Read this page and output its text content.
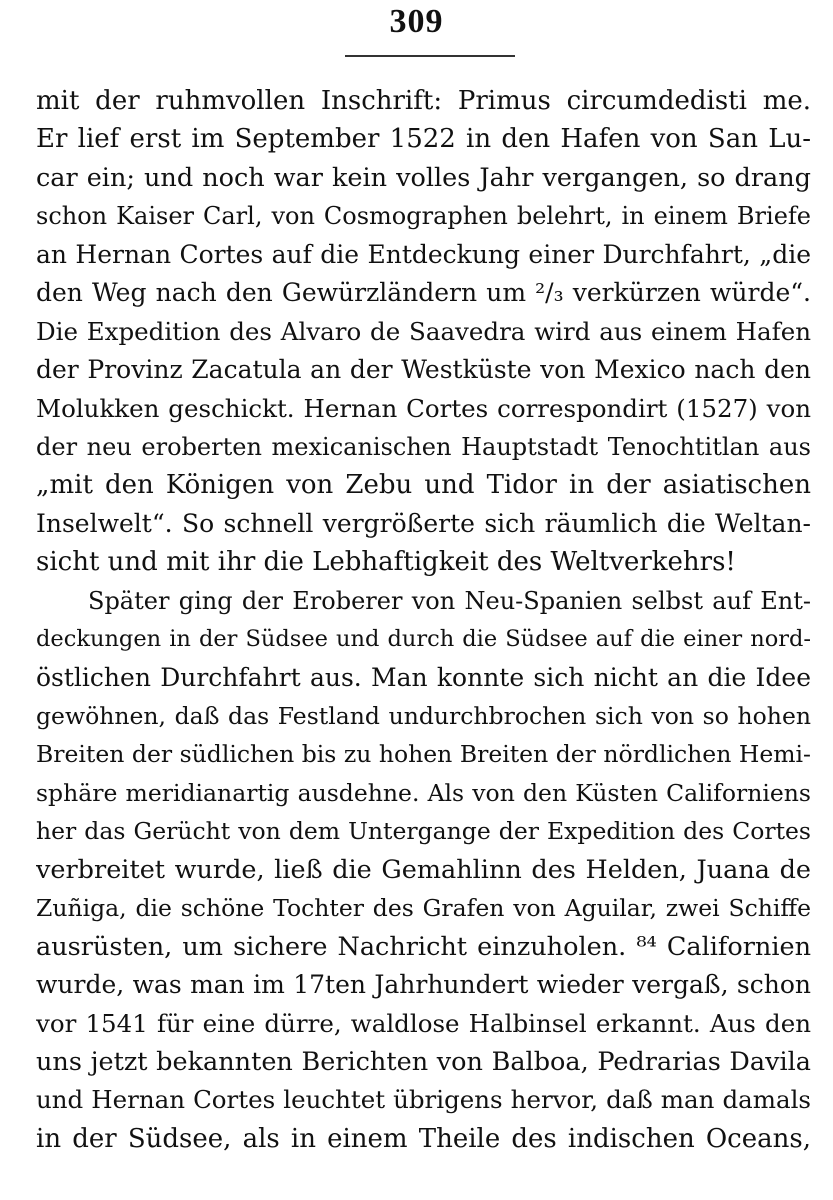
309
mit der ruhmvollen Inschrift: Primus circumdedisti me.
Er lief erst im September 1522 in den Hafen von San Lu-
car ein; und noch war kein volles Jahr vergangen, so drang
schon Kaiser Carl, von Cosmographen belehrt, in einem Briefe
an Hernan Cortes auf die Entdeckung einer Durchfahrt, „die
den Weg nach den Gewürzländern um ²/₃ verkürzen würde“.
Die Expedition des Alvaro de Saavedra wird aus einem Hafen
der Provinz Zacatula an der Westküste von Mexico nach den
Molukken geschickt. Hernan Cortes correspondirt (1527) von
der neu eroberten mexicanischen Hauptstadt Tenochtitlan aus
„mit den Königen von Zebu und Tidor in der asiatischen
Inselwelt“. So schnell vergrößerte sich räumlich die Weltan-
sicht und mit ihr die Lebhaftigkeit des Weltverkehrs!
Später ging der Eroberer von Neu-Spanien selbst auf Ent-
deckungen in der Südsee und durch die Südsee auf die einer nord-
östlichen Durchfahrt aus. Man konnte sich nicht an die Idee
gewöhnen, daß das Festland undurchbrochen sich von so hohen
Breiten der südlichen bis zu hohen Breiten der nördlichen Hemi-
sphäre meridianartig ausdehne. Als von den Küsten Californiens
her das Gerücht von dem Untergange der Expedition des Cortes
verbreitet wurde, ließ die Gemahlinn des Helden, Juana de
Zuñiga, die schöne Tochter des Grafen von Aguilar, zwei Schiffe
ausrüsten, um sichere Nachricht einzuholen. ⁸⁴ Californien
wurde, was man im 17ten Jahrhundert wieder vergaß, schon
vor 1541 für eine dürre, waldlose Halbinsel erkannt. Aus den
uns jetzt bekannten Berichten von Balboa, Pedrarias Davila
und Hernan Cortes leuchtet übrigens hervor, daß man damals
in der Südsee, als in einem Theile des indischen Oceans,
